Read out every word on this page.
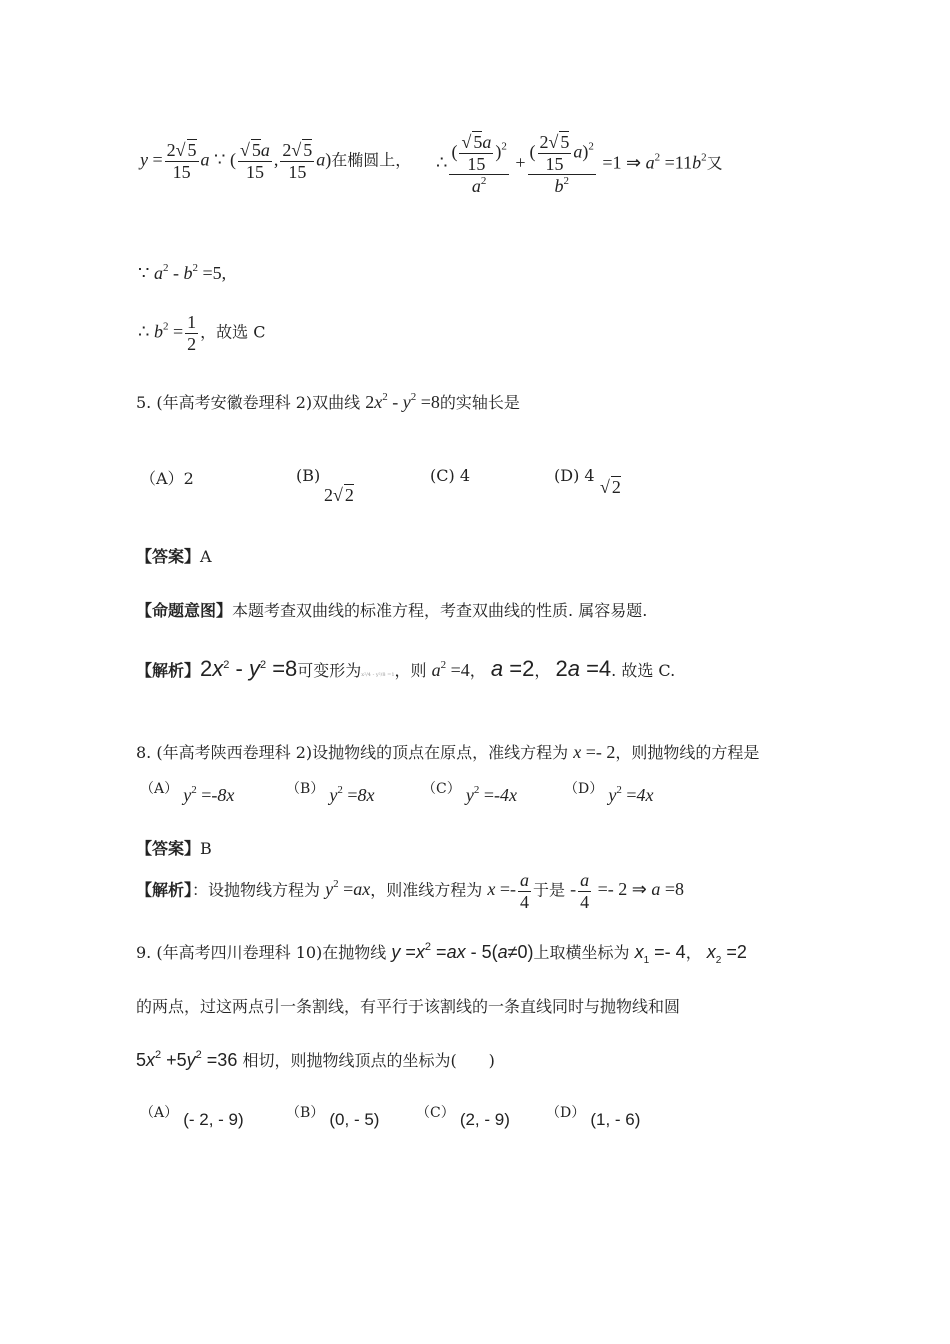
$y = \frac{2√ 5}{15}$ a ∵ ( $\frac{√ 5a}{15}$ , $\frac{2√ 5}{15} a$)在椭圆上， ∴ $\frac{( \frac{√ 5a}{15} )^2}{a^2} + \frac{( \frac{2√ 5}{15} a)^2}{b^2} =1$ ⇒ $a^2 =11b^2$又
∵ $a^2 - b^2 =5$,
∴ $b^2 = \frac{1}{2}$ ，故选 C
5. (年高考安徽卷理科 2)双曲线 $2x^2 - y^2 =8$的实轴长是
（A）2	(B)
2√ 2
(C) 4	(D) 4
√ 2
【答案】A
【命题意图】本题考查双曲线的标准方程，考查双曲线的性质. 属容易题.
【解析】$2x^2 - y^2 =8$可变形为x²/4 - y²/8 =1，则 $a^2 =4$， a =2， 2a =4. 故选 C.
8. (年高考陕西卷理科 2)设抛物线的顶点在原点，准线方程为 x =- 2，则抛物线的方程是
（A） $y^2 =-8x$	（B） $y^2 =8x$	（C） $y^2 =-4x$	（D） $y^2 =4x$
【答案】B
【解析】：设抛物线方程为 $y^2 =ax$，则准线方程为 $x =- \frac{a}{4}$ 于是 - $\frac{a}{4} =- 2$ ⇒ a =8
9. (年高考四川卷理科 10)在抛物线 $y =x^2 =ax - 5(a\ne 0)$上取横坐标为 $x_1 =- 4$， $x_2 =2$
的两点，过这两点引一条割线，有平行于该割线的一条直线同时与抛物线和圆
$5x^2 +5y^2 =36$ 相切，则抛物线顶点的坐标为(　　)
（A） (- 2, - 9)	（B） (0, - 5)	（C） (2, - 9)	（D） (1, - 6)
